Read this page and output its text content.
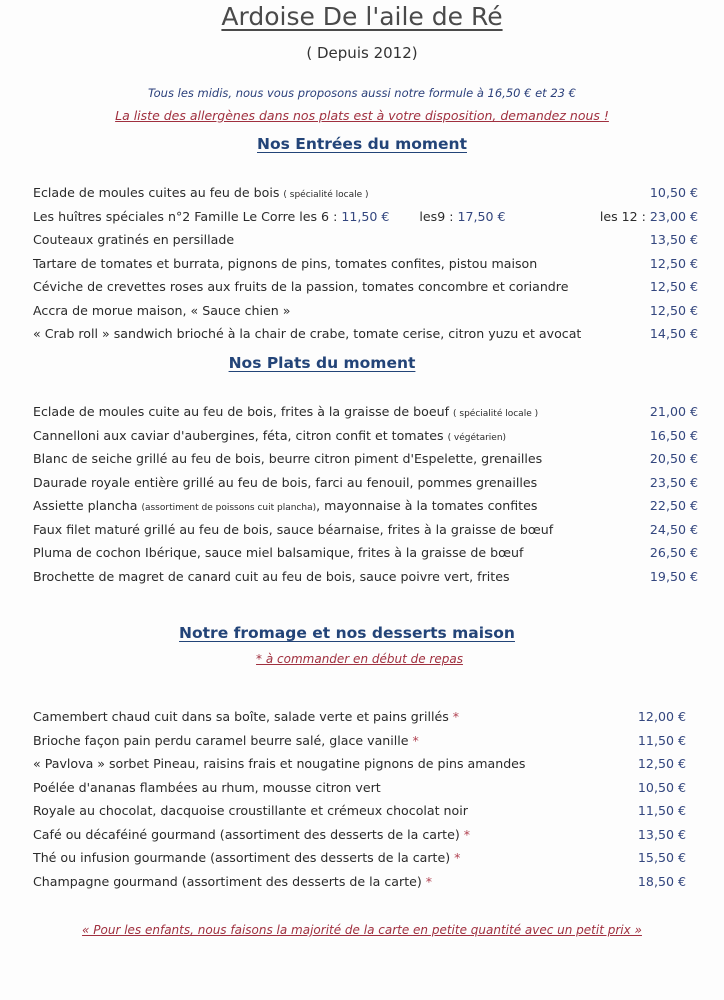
Ardoise De l'aile de Ré
( Depuis 2012)
Tous les midis, nous vous proposons aussi notre formule à 16,50 € et 23 €
La liste des allergènes dans nos plats est à votre disposition, demandez nous !
Nos Entrées du moment
Eclade de moules cuites au feu de bois ( spécialité locale )	10,50 €
Les huîtres spéciales n°2 Famille Le Corre les 6 : 11,50 € les9 : 17,50 €	les 12 : 23,00 €
Couteaux gratinés en persillade	13,50 €
Tartare de tomates et burrata, pignons de pins, tomates confites, pistou maison	12,50 €
Céviche de crevettes roses aux fruits de la passion, tomates concombre et coriandre	12,50 €
Accra de morue maison, « Sauce chien »	12,50 €
« Crab roll » sandwich brioché à la chair de crabe, tomate cerise, citron yuzu et avocat	14,50 €
Nos Plats du moment
Eclade de moules cuite au feu de bois, frites à la graisse de boeuf ( spécialité locale )	21,00 €
Cannelloni aux caviar d'aubergines, féta, citron confit et tomates ( végétarien)	16,50 €
Blanc de seiche grillé au feu de bois, beurre citron piment d'Espelette, grenailles	20,50 €
Daurade royale entière grillé au feu de bois, farci au fenouil, pommes grenailles	23,50 €
Assiette plancha (assortiment de poissons cuit plancha), mayonnaise à la tomates confites	22,50 €
Faux filet maturé grillé au feu de bois, sauce béarnaise, frites à la graisse de bœuf	24,50 €
Pluma de cochon Ibérique, sauce miel balsamique, frites à la graisse de bœuf	26,50 €
Brochette de magret de canard cuit au feu de bois, sauce poivre vert, frites	19,50 €
Notre fromage et nos desserts maison
* à commander en début de repas
Camembert chaud cuit dans sa boîte, salade verte et pains grillés *	12,00 €
Brioche façon pain perdu caramel beurre salé, glace vanille *	11,50 €
« Pavlova » sorbet Pineau, raisins frais et nougatine pignons de pins amandes	12,50 €
Poélée d'ananas flambées au rhum, mousse citron vert	10,50 €
Royale au chocolat, dacquoise croustillante et crémeux chocolat noir	11,50 €
Café ou décaféiné gourmand (assortiment des desserts de la carte) *	13,50 €
Thé ou infusion gourmande (assortiment des desserts de la carte) *	15,50 €
Champagne gourmand (assortiment des desserts de la carte) *	18,50 €
« Pour les enfants, nous faisons la majorité de la carte en petite quantité avec un petit prix »
